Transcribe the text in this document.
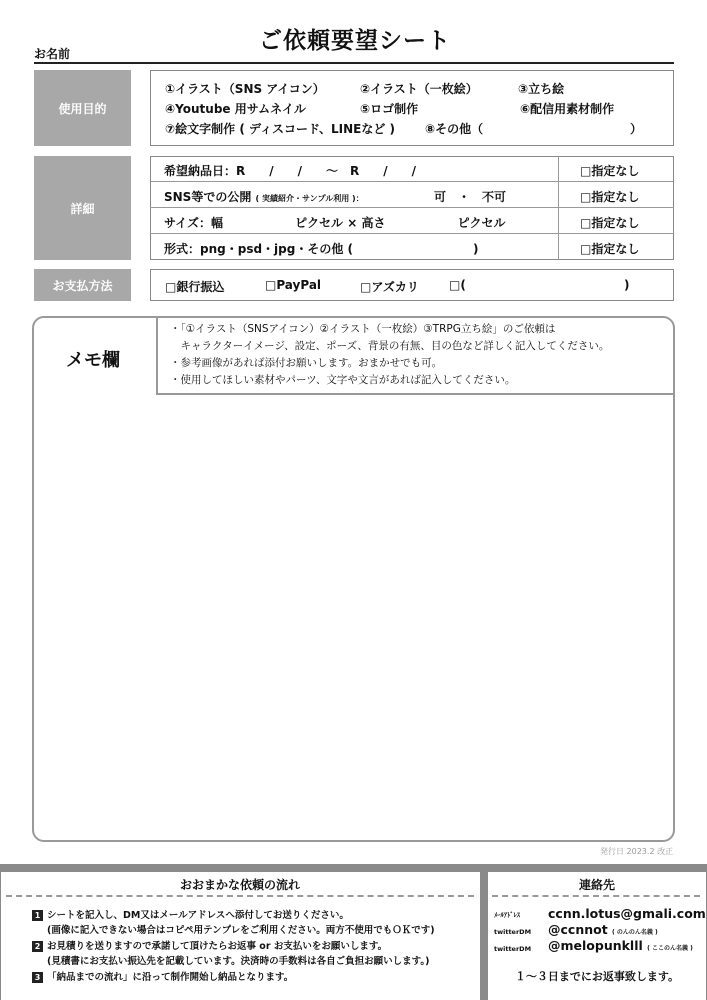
ご依頼要望シート
お名前
使用目的
①イラスト（SNS アイコン）	②イラスト（一枚絵）	③立ち絵
④Youtube 用サムネイル	⑤ロゴ制作	⑥配信用素材制作
⑦絵文字制作 ( ディスコード、LINEなど )	⑧その他（	）
詳細
希望納品日：R　　/　　/　　～　R　　/　　/	□指定なし
SNS等での公開 ( 実績紹介・サンプル利用 )：	可　・　不可	□指定なし
サイズ：幅　　　　　　ピクセル × 高さ　　　　　　ピクセル	□指定なし
形式：png・psd・jpg・その他 (　　　　　　　　　　)	□指定なし
お支払方法	□銀行振込	□PayPal	□アズカリ	□(	)
メモ欄
・「①イラスト（SNSアイコン）②イラスト（一枚絵）③TRPG立ち絵」のご依頼は
　キャラクターイメージ、設定、ポーズ、背景の有無、目の色など詳しく記入してください。
・参考画像があれば添付お願いします。おまかせでも可。
・使用してほしい素材やパーツ、文字や文言があれば記入してください。
発行日 2023.2 改正
おおまかな依頼の流れ
1 シートを記入し、DM又はメールアドレスへ添付してお送りください。
(画像に記入できない場合はコピペ用テンプレをご利用ください。両方不使用でもＯＫです)
2 お見積りを送りますので承諾して頂けたらお返事 or お支払いをお願いします。
(見積書にお支払い振込先を記載しています。決済時の手数料は各自ご負担お願いします。)
3 「納品までの流れ」に沿って制作開始し納品となります。
連絡先
ﾒｰﾙｱﾄﾞﾚｽ ccnn.lotus@gmali.com
twitterDM @ccnnot ( のんのん名義 )
twitterDM @melopunklll ( ここのん名義 )
１～３日までにお返事致します。
